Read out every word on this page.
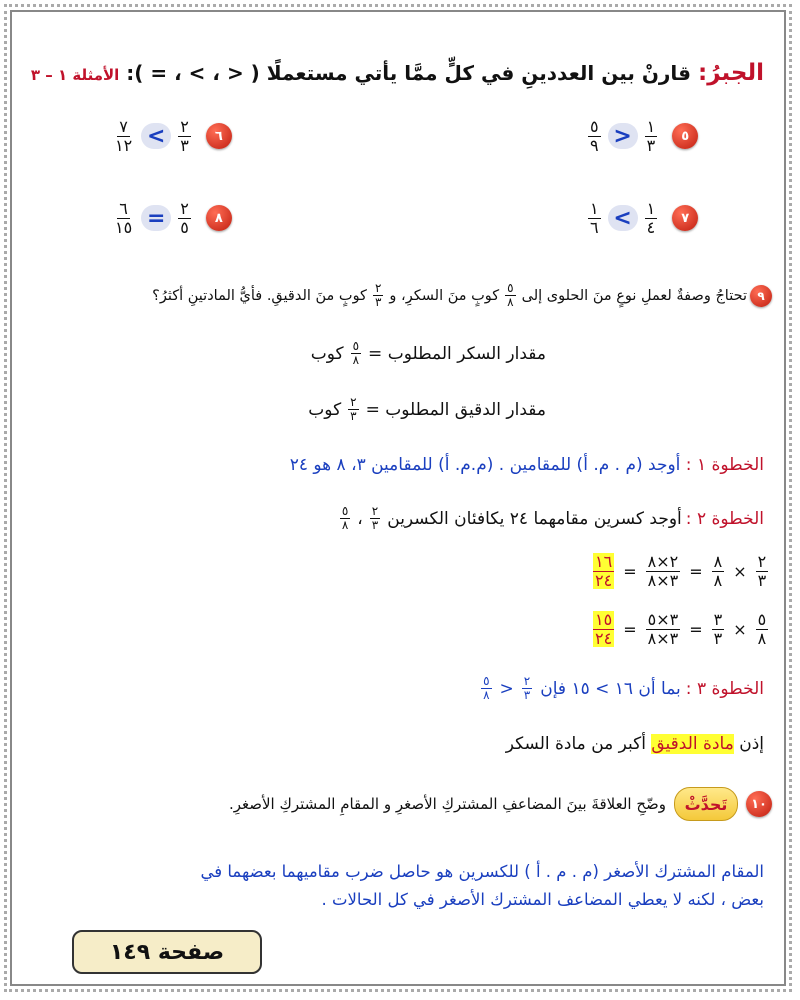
الجبرُ: قارنْ بين العددينِ في كلٍّ ممَّا يأتي مستعملًا ( < ، > ، = ): الأمثلة ١ – ٣
$\frac{٥}{٩} > \frac{١}{٣}$	٥
$\frac{٧}{١٢} < \frac{٢}{٣}$	٦
$\frac{١}{٦} < \frac{١}{٤}$	٧
$\frac{٦}{١٥} = \frac{٢}{٥}$	٨
٩
تحتاجُ وصفةٌ لعملِ نوعٍ منَ الحلوى إلى
$\frac{٥}{٨}$
كوبٍ منَ السكرِ، و
$\frac{٢}{٣}$
كوبٍ منَ الدقيقِ. فأيُّ المادتينِ أكثرُ؟
مقدار السكر المطلوب =
$\frac{٥}{٨}$
كوب
مقدار الدقيق المطلوب =
$\frac{٢}{٣}$
كوب
الخطوة ١ : أوجد (م . م. أ) للمقامين . (م.م. أ) للمقامين ٣، ٨ هو ٢٤
الخطوة ٢ :
أوجد كسرين مقامهما ٢٤ يكافئان الكسرين
$\frac{٢}{٣}$
،
$\frac{٥}{٨}$
$\frac{١٦}{٢٤} = \frac{٢\times ٨}{٣\times ٨} = \frac{٨}{٨} \times \frac{٢}{٣}$
$\frac{١٥}{٢٤} = \frac{٣\times ٥}{٣\times ٨} = \frac{٣}{٣} \times \frac{٥}{٨}$
الخطوة ٣ :
بما أن ١٦ > ١٥ فإن
$\frac{٢}{٣}$
<
$\frac{٥}{٨}$
إذن مادة الدقيق أكبر من مادة السكر
١٠
تَحدَّثْ
وضّحِ العلاقةَ بينَ المضاعفِ المشتركِ الأصغرِ و المقامِ المشتركِ الأصغرِ.
المقام المشترك الأصغر (م . م . أ ) للكسرين هو حاصل ضرب مقاميهما بعضهما في
بعض ، لكنه لا يعطي المضاعف المشترك الأصغر في كل الحالات .
صفحة ١٤٩
